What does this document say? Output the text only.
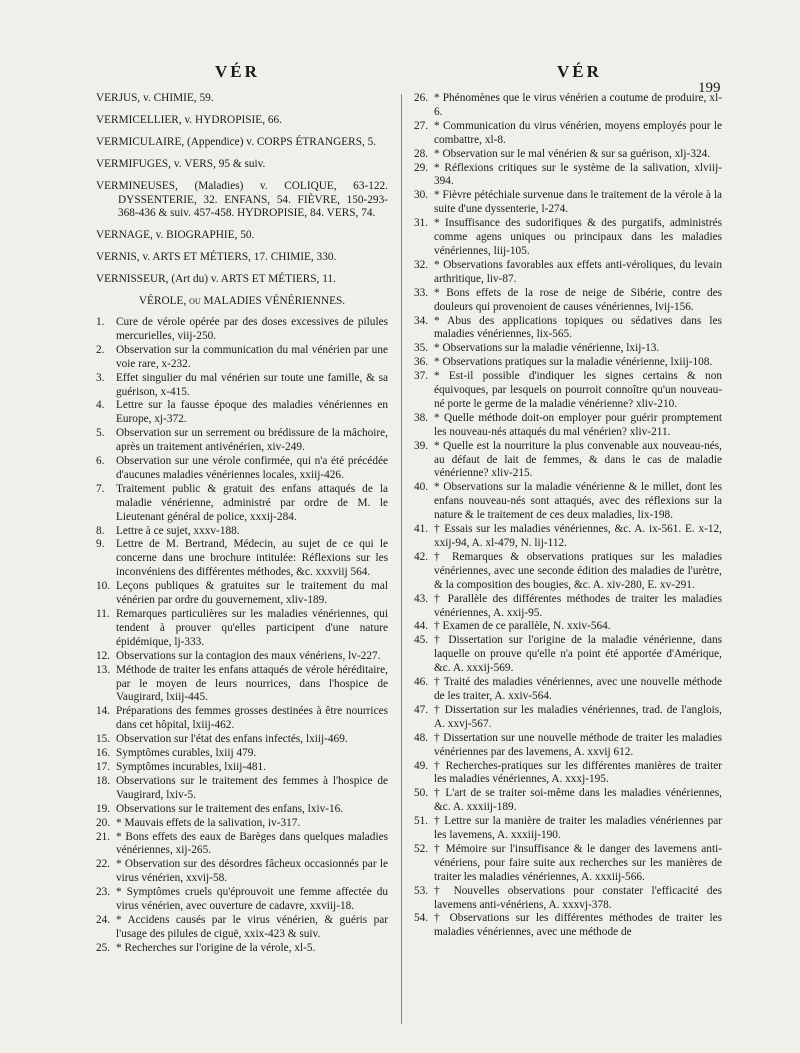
VÉR	VÉR
199

VERJUS, v. CHIMIE, 59.

VERMICELLIER, v. HYDROPISIE, 66.

VERMICULAIRE, (Appendice) v. CORPS ÉTRANGERS, 5.

VERMIFUGES, v. VERS, 95 & suiv.

VERMINEUSES, (Maladies) v. COLIQUE, 63-122. DYSSENTERIE, 32. ENFANS, 54. FIÈVRE, 150-293-368-436 & suiv. 457-458. HYDROPISIE, 84. VERS, 74.

VERNAGE, v. BIOGRAPHIE, 50.

VERNIS, v. ARTS ET MÉTIERS, 17. CHIMIE, 330.

VERNISSEUR, (Art du) v. ARTS ET MÉTIERS, 11.

VÉROLE, ou MALADIES VÉNÉRIENNES.
1.	Cure de vérole opérée par des doses excessives de pilules mercurielles, viij-250.
2.	Observation sur la communication du mal vénérien par une voie rare, x-232.
3.	Effet singulier du mal vénérien sur toute une famille, & sa guérison, x-415.
4.	Lettre sur la fausse époque des maladies vénériennes en Europe, xj-372.
5.	Observation sur un serrement ou brédissure de la mâchoire, après un traitement antivénérien, xiv-249.
6.	Observation sur une vérole confirmée, qui n'a été précédée d'aucunes maladies vénériennes locales, xxiij-426.
7.	Traitement public & gratuit des enfans attaqués de la maladie vénérienne, administré par ordre de M. le Lieutenant général de police, xxxij-284.
8.	Lettre à ce sujet, xxxv-188.
9.	Lettre de M. Bertrand, Médecin, au sujet de ce qui le concerne dans une brochure intitulée: Réflexions sur les inconvéniens des différentes méthodes, &c. xxxviij 564.
10. Leçons publiques & gratuites sur le traitement du mal vénérien par ordre du gouvernement, xliv-189.
11. Remarques particulières sur les maladies vénériennes, qui tendent à prouver qu'elles participent d'une nature épidémique, lj-333.
12. Observations sur la contagion des maux vénériens, lv-227.
13. Méthode de traiter les enfans attaqués de vérole héréditaire, par le moyen de leurs nourrices, dans l'hospice de Vaugirard, lxiij-445.
14. Préparations des femmes grosses destinées à être nourrices dans cet hôpital, lxiij-462.
15. Observation sur l'état des enfans infectés, lxiij-469.
16. Symptômes curables, lxiij 479.
17. Symptômes incurables, lxiij-481.
18. Observations sur le traitement des femmes à l'hospice de Vaugirard, lxiv-5.
19. Observations sur le traitement des enfans, lxiv-16.
20. * Mauvais effets de la salivation, iv-317.
21. * Bons effets des eaux de Barèges dans quelques maladies vénériennes, xij-265.
22. * Observation sur des désordres fâcheux occasionnés par le virus vénérien, xxvij-58.
23. * Symptômes cruels qu'éprouvoit une femme affectée du virus vénérien, avec ouverture de cadavre, xxviij-18.
24. * Accidens causés par le virus vénérien, & guéris par l'usage des pilules de ciguë, xxix-423 & suiv.
25. * Recherches sur l'origine de la vérole, xl-5.
26. * Phénomènes que le virus vénérien a coutume de produire, xl-6.
27. * Communication du virus vénérien, moyens employés pour le combattre, xl-8.
28. * Observation sur le mal vénérien & sur sa guérison, xlj-324.
29. * Réflexions critiques sur le système de la salivation, xlviij-394.
30. * Fièvre pétéchiale survenue dans le traitement de la vérole à la suite d'une dyssenterie, l-274.
31. * Insuffisance des sudorifiques & des purgatifs, administrés comme agens uniques ou principaux dans les maladies vénériennes, liij-105.
32. * Observations favorables aux effets anti-véroliques, du levain arthritique, liv-87.
33. * Bons effets de la rose de neige de Sibérie, contre des douleurs qui provenoient de causes vénériennes, lvij-156.
34. * Abus des applications topiques ou sédatives dans les maladies vénériennes, lix-565.
35. * Observations sur la maladie vénérienne, lxij-13.
36. * Observations pratiques sur la maladie vénérienne, lxiij-108.
37. * Est-il possible d'indiquer les signes certains & non équivoques, par lesquels on pourroit connoître qu'un nouveau-né porte le germe de la maladie vénérienne? xliv-210.
38. * Quelle méthode doit-on employer pour guérir promptement les nouveau-nés attaqués du mal vénérien? xliv-211.
39. * Quelle est la nourriture la plus convenable aux nouveau-nés, au défaut de lait de femmes, & dans le cas de maladie vénérienne? xliv-215.
40. * Observations sur la maladie vénérienne & le millet, dont les enfans nouveau-nés sont attaqués, avec des réflexions sur la nature & le traitement de ces deux maladies, lix-198.
41. † Essais sur les maladies vénériennes, &c. A. ix-561. E. x-12, xxij-94, A. xl-479, N. lij-112.
42. † Remarques & observations pratiques sur les maladies vénériennes, avec une seconde édition des maladies de l'urètre, & la composition des bougies, &c. A. xiv-280, E. xv-291.
43. † Parallèle des différentes méthodes de traiter les maladies vénériennes, A. xxij-95.
44. † Examen de ce parallèle, N. xxiv-564.
45. † Dissertation sur l'origine de la maladie vénérienne, dans laquelle on prouve qu'elle n'a point été apportée d'Amérique, &c. A. xxxij-569.
46. † Traité des maladies vénériennes, avec une nouvelle méthode de les traiter, A. xxiv-564.
47. † Dissertation sur les maladies vénériennes, trad. de l'anglois, A. xxvj-567.
48. † Dissertation sur une nouvelle méthode de traiter les maladies vénériennes par des lavemens, A. xxvij 612.
49. † Recherches-pratiques sur les différentes manières de traiter les maladies vénériennes, A. xxxj-195.
50. † L'art de se traiter soi-même dans les maladies vénériennes, &c. A. xxxiij-189.
51. † Lettre sur la manière de traiter les maladies vénériennes par les lavemens, A. xxxiij-190.
52. † Mémoire sur l'insuffisance & le danger des lavemens anti-vénériens, pour faire suite aux recherches sur les manières de traiter les maladies vénériennes, A. xxxiij-566.
53. † Nouvelles observations pour constater l'efficacité des lavemens anti-vénériens, A. xxxvj-378.
54. † Observations sur les différentes méthodes de traiter les maladies vénériennes, avec une méthode de
